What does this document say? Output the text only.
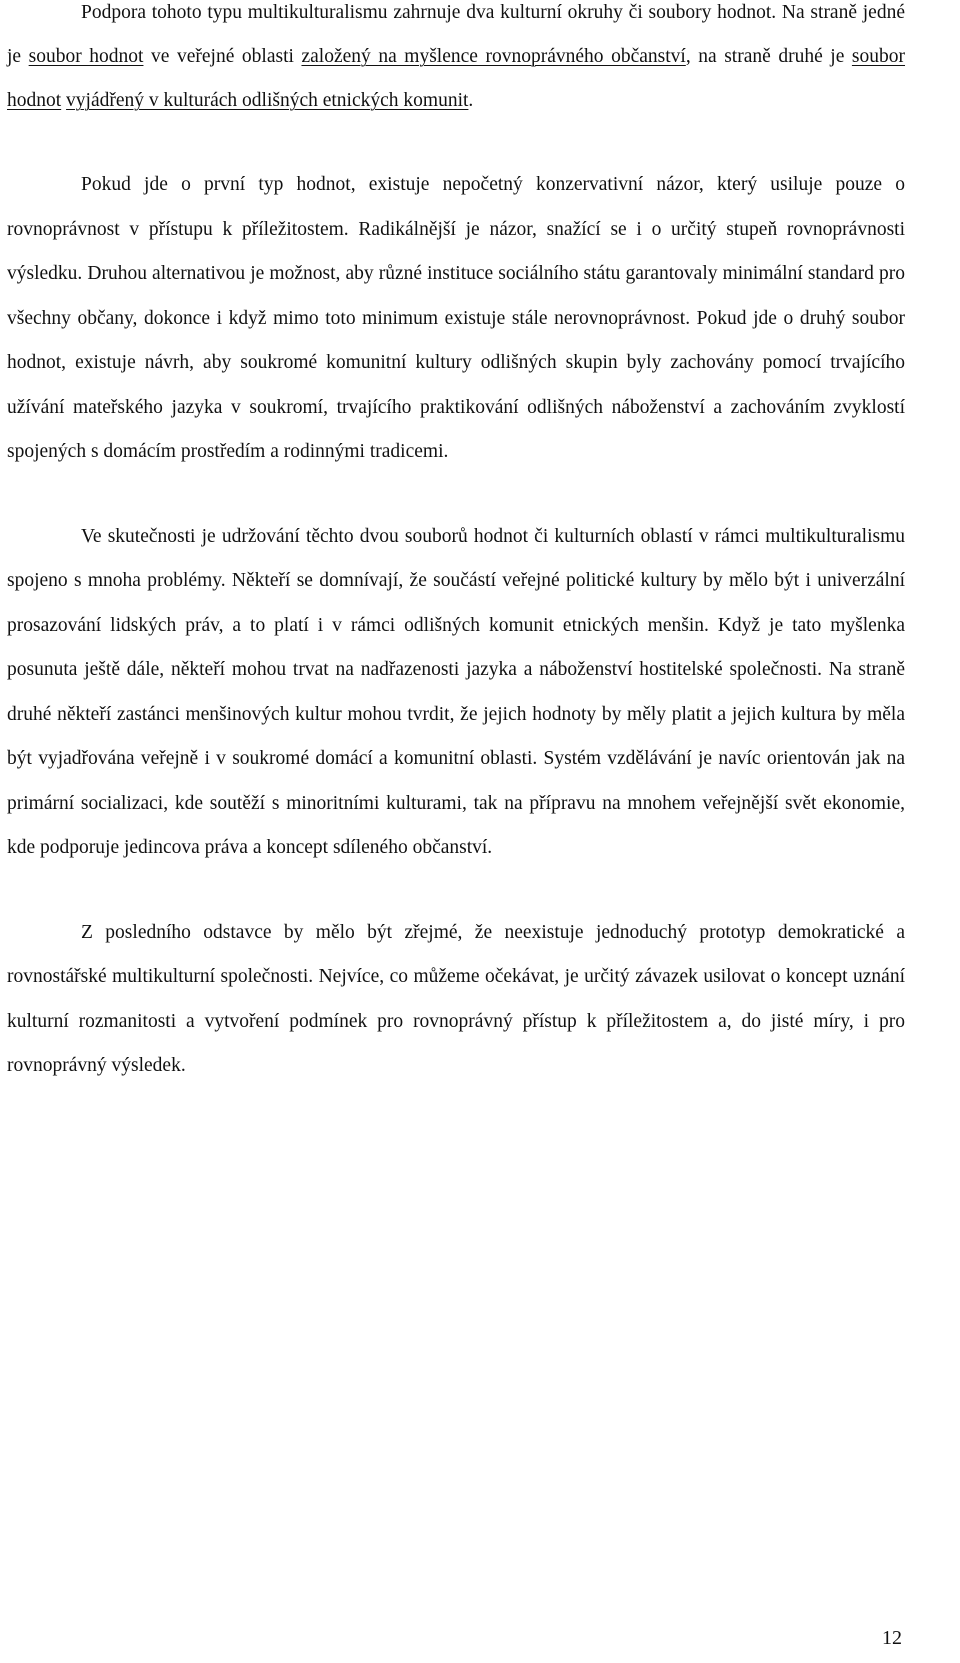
Podpora tohoto typu multikulturalismu zahrnuje dva kulturní okruhy či soubory hodnot. Na straně jedné je soubor hodnot ve veřejné oblasti založený na myšlence rovnoprávného občanství, na straně druhé je soubor hodnot vyjádřený v kulturách odlišných etnických komunit.

Pokud jde o první typ hodnot, existuje nepočetný konzervativní názor, který usiluje pouze o rovnoprávnost v přístupu k příležitostem. Radikálnější je názor, snažící se i o určitý stupeň rovnoprávnosti výsledku. Druhou alternativou je možnost, aby různé instituce sociálního státu garantovaly minimální standard pro všechny občany, dokonce i když mimo toto minimum existuje stále nerovnoprávnost. Pokud jde o druhý soubor hodnot, existuje návrh, aby soukromé komunitní kultury odlišných skupin byly zachovány pomocí trvajícího užívání mateřského jazyka v soukromí, trvajícího praktikování odlišných náboženství a zachováním zvyklostí spojených s domácím prostředím a rodinnými tradicemi.

Ve skutečnosti je udržování těchto dvou souborů hodnot či kulturních oblastí v rámci multikulturalismu spojeno s mnoha problémy. Někteří se domnívají, že součástí veřejné politické kultury by mělo být i univerzální prosazování lidských práv, a to platí i v rámci odlišných komunit etnických menšin. Když je tato myšlenka posunuta ještě dále, někteří mohou trvat na nadřazenosti jazyka a náboženství hostitelské společnosti. Na straně druhé někteří zastánci menšinových kultur mohou tvrdit, že jejich hodnoty by měly platit a jejich kultura by měla být vyjadřována veřejně i v soukromé domácí a komunitní oblasti. Systém vzdělávání je navíc orientován jak na primární socializaci, kde soutěží s minoritními kulturami, tak na přípravu na mnohem veřejnější svět ekonomie, kde podporuje jedincova práva a koncept sdíleného občanství.

Z posledního odstavce by mělo být zřejmé, že neexistuje jednoduchý prototyp demokratické a rovnostářské multikulturní společnosti. Nejvíce, co můžeme očekávat, je určitý závazek usilovat o koncept uznání kulturní rozmanitosti a vytvoření podmínek pro rovnoprávný přístup k příležitostem a, do jisté míry, i pro rovnoprávný výsledek.

12
